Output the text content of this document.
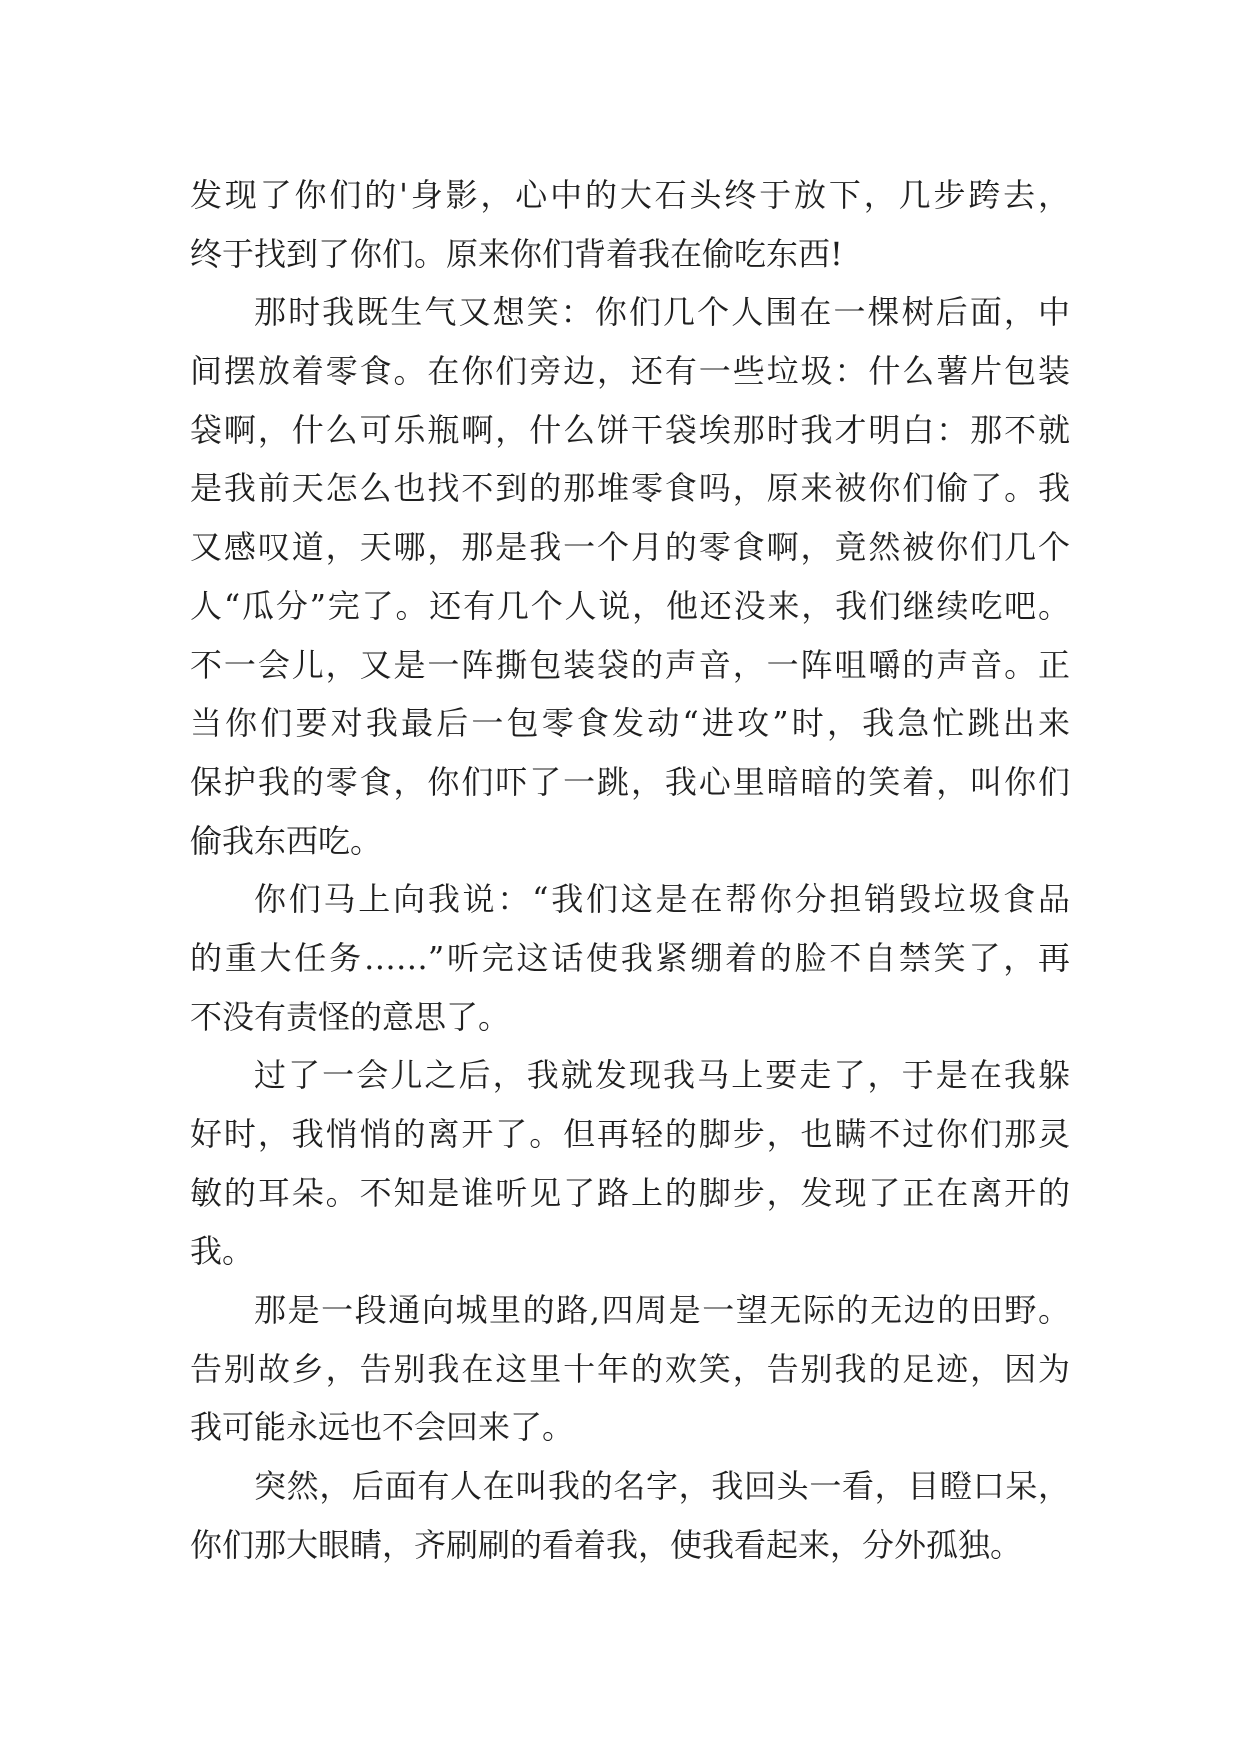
发现了你们的'身影，心中的大石头终于放下，几步跨去，
终于找到了你们。原来你们背着我在偷吃东西!
那时我既生气又想笑：你们几个人围在一棵树后面，中
间摆放着零食。在你们旁边，还有一些垃圾：什么薯片包装
袋啊，什么可乐瓶啊，什么饼干袋埃那时我才明白：那不就
是我前天怎么也找不到的那堆零食吗，原来被你们偷了。我
又感叹道，天哪，那是我一个月的零食啊，竟然被你们几个
人“瓜分”完了。还有几个人说，他还没来，我们继续吃吧。
不一会儿，又是一阵撕包装袋的声音，一阵咀嚼的声音。正
当你们要对我最后一包零食发动“进攻”时，我急忙跳出来
保护我的零食，你们吓了一跳，我心里暗暗的笑着，叫你们
偷我东西吃。
你们马上向我说：“我们这是在帮你分担销毁垃圾食品
的重大任务……”听完这话使我紧绷着的脸不自禁笑了，再
不没有责怪的意思了。
过了一会儿之后，我就发现我马上要走了，于是在我躲
好时，我悄悄的离开了。但再轻的脚步，也瞒不过你们那灵
敏的耳朵。不知是谁听见了路上的脚步，发现了正在离开的
我。
那是一段通向城里的路,四周是一望无际的无边的田野。
告别故乡，告别我在这里十年的欢笑，告别我的足迹，因为
我可能永远也不会回来了。
突然，后面有人在叫我的名字，我回头一看，目瞪口呆，
你们那大眼睛，齐刷刷的看着我，使我看起来，分外孤独。
